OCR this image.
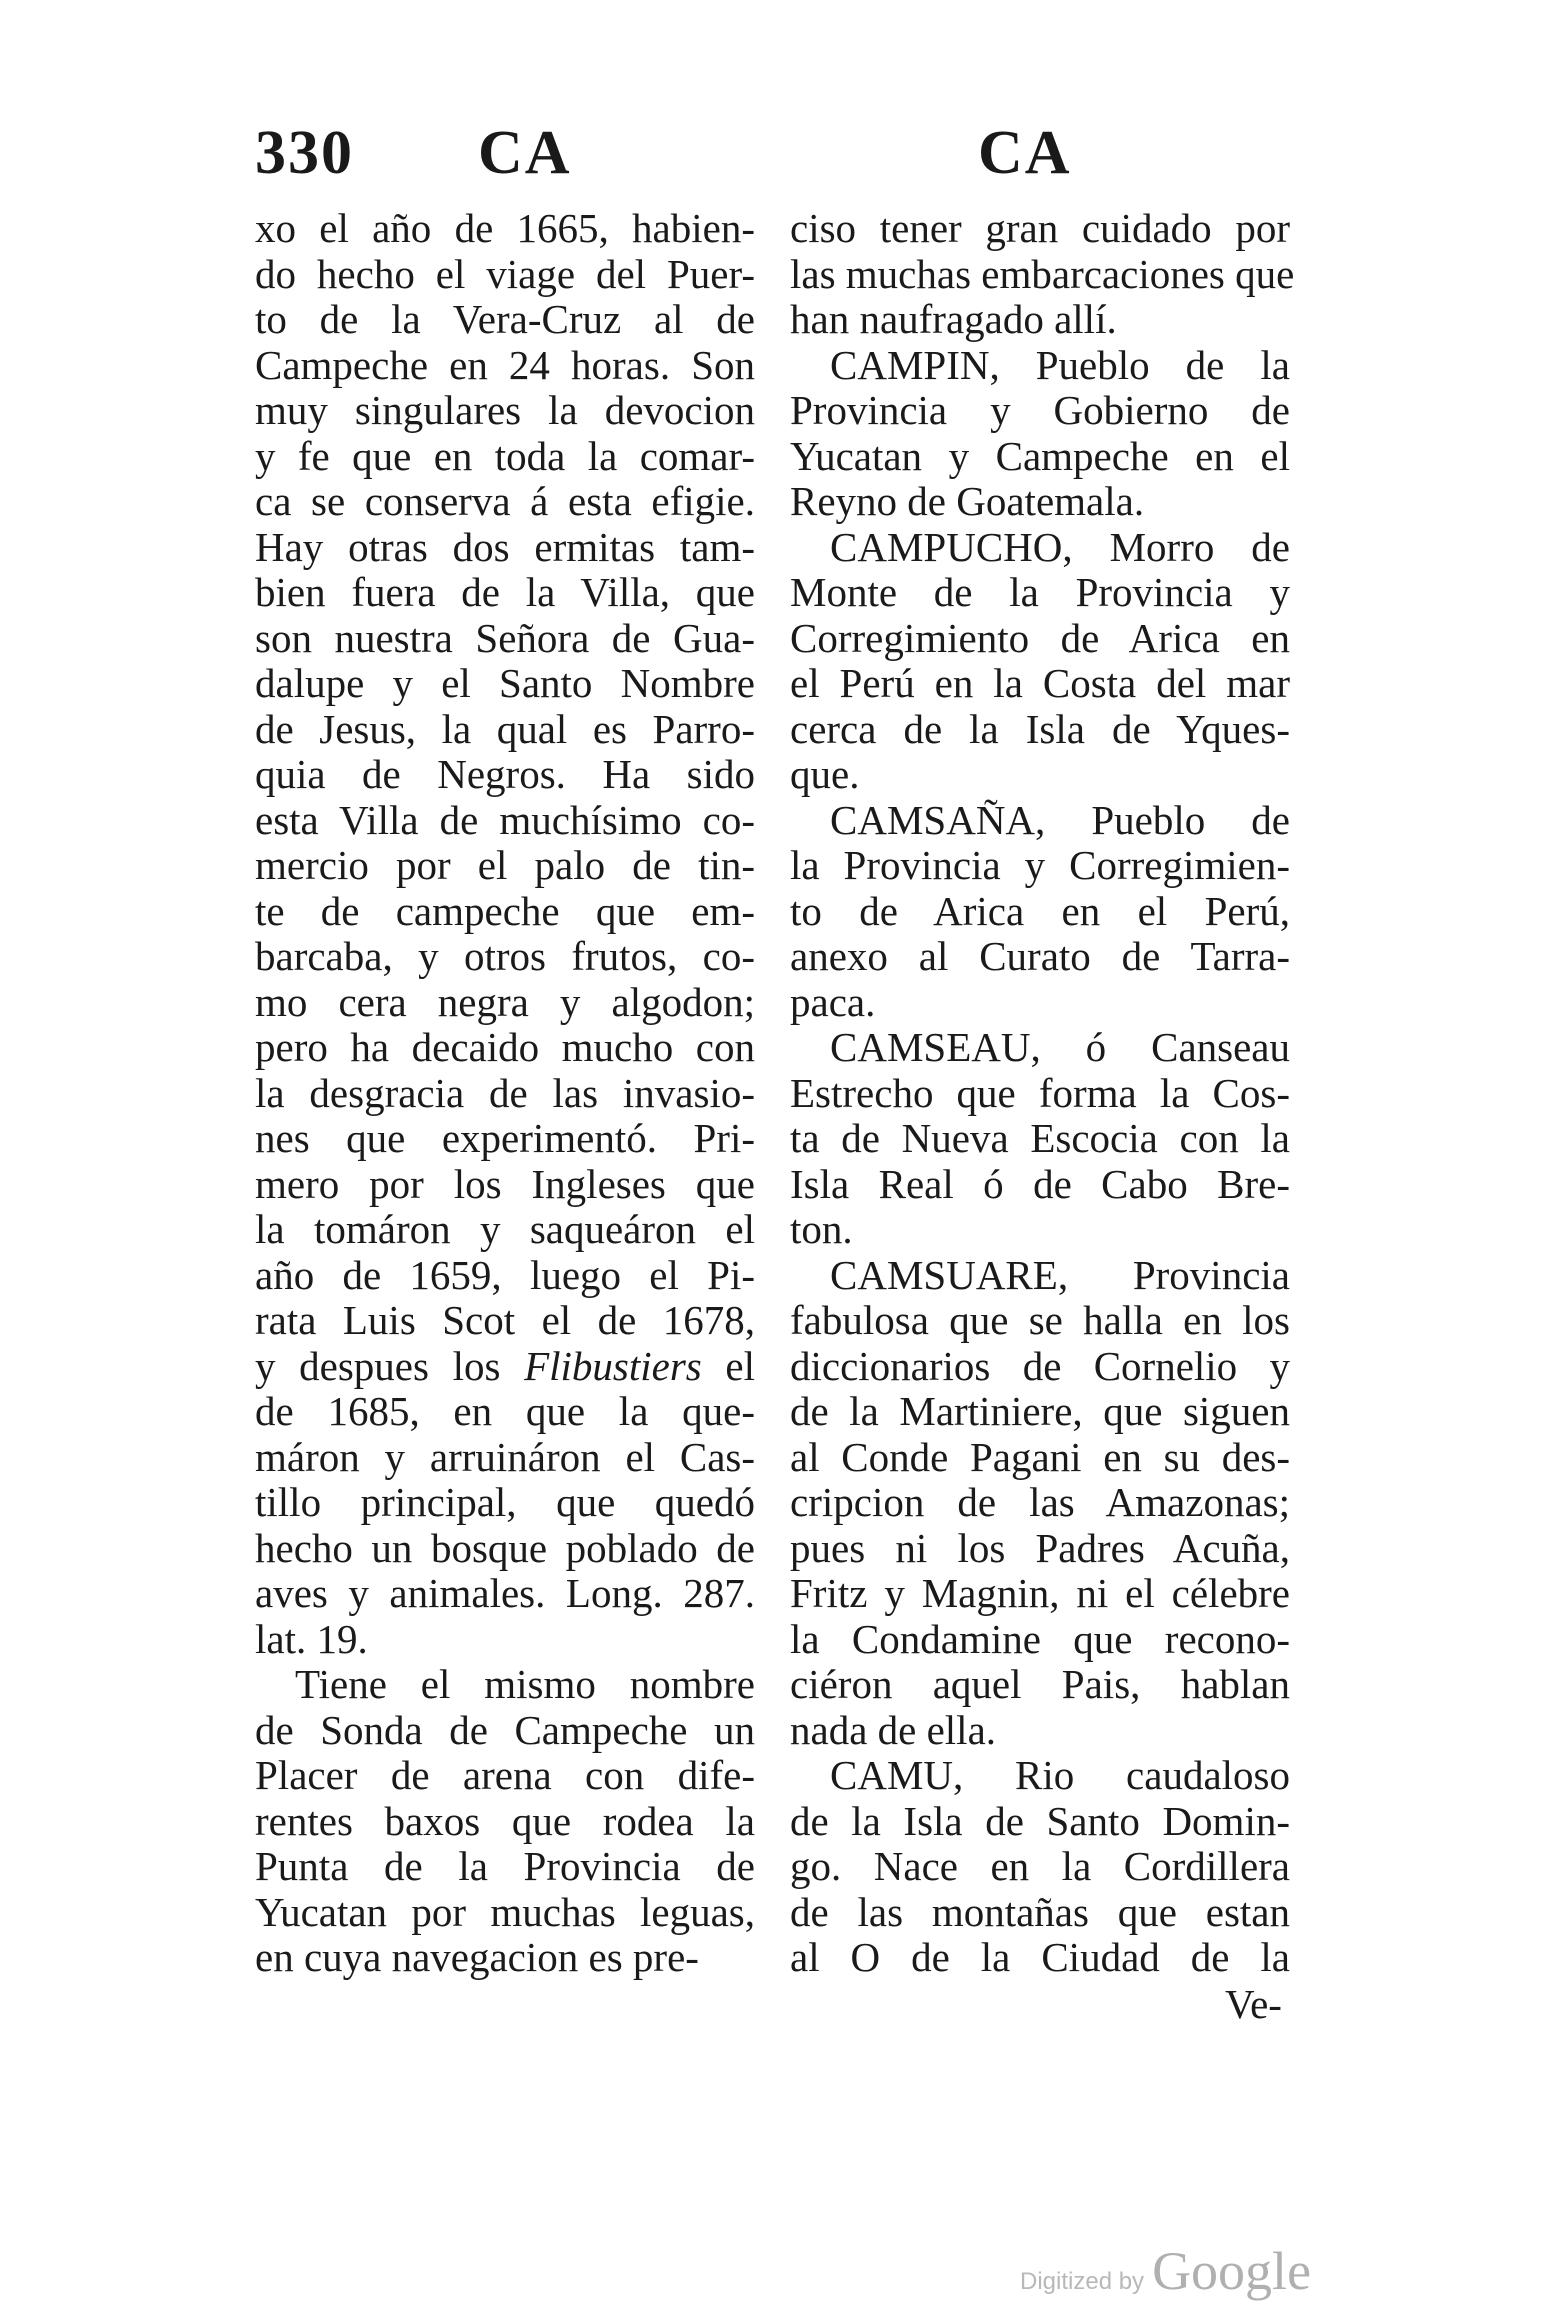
330 CA	CA
xo el año de 1665, habien-
do hecho el viage del Puer-
to de la Vera-Cruz al de
Campeche en 24 horas. Son
muy singulares la devocion
y fe que en toda la comar-
ca se conserva á esta efigie.
Hay otras dos ermitas tam-
bien fuera de la Villa, que
son nuestra Señora de Gua-
dalupe y el Santo Nombre
de Jesus, la qual es Parro-
quia de Negros. Ha sido
esta Villa de muchísimo co-
mercio por el palo de tin-
te de campeche que em-
barcaba, y otros frutos, co-
mo cera negra y algodon;
pero ha decaido mucho con
la desgracia de las invasio-
nes que experimentó. Pri-
mero por los Ingleses que
la tomáron y saqueáron el
año de 1659, luego el Pi-
rata Luis Scot el de 1678,
y despues los Flibustiers el
de 1685, en que la que-
máron y arruináron el Cas-
tillo principal, que quedó
hecho un bosque poblado de
aves y animales. Long. 287.
lat. 19.
Tiene el mismo nombre
de Sonda de Campeche un
Placer de arena con dife-
rentes baxos que rodea la
Punta de la Provincia de
Yucatan por muchas leguas,
en cuya navegacion es pre-
ciso tener gran cuidado por
las muchas embarcaciones que
han naufragado allí.
CAMPIN, Pueblo de la
Provincia y Gobierno de
Yucatan y Campeche en el
Reyno de Goatemala.
CAMPUCHO, Morro de
Monte de la Provincia y
Corregimiento de Arica en
el Perú en la Costa del mar
cerca de la Isla de Yques-
que.
CAMSAÑA, Pueblo de
la Provincia y Corregimien-
to de Arica en el Perú,
anexo al Curato de Tarra-
paca.
CAMSEAU, ó Canseau
Estrecho que forma la Cos-
ta de Nueva Escocia con la
Isla Real ó de Cabo Bre-
ton.
CAMSUARE, Provincia
fabulosa que se halla en los
diccionarios de Cornelio y
de la Martiniere, que siguen
al Conde Pagani en su des-
cripcion de las Amazonas;
pues ni los Padres Acuña,
Fritz y Magnin, ni el célebre
la Condamine que recono-
ciéron aquel Pais, hablan
nada de ella.
CAMU, Rio caudaloso
de la Isla de Santo Domin-
go. Nace en la Cordillera
de las montañas que estan
al O de la Ciudad de la
Ve-
Digitized by Google
